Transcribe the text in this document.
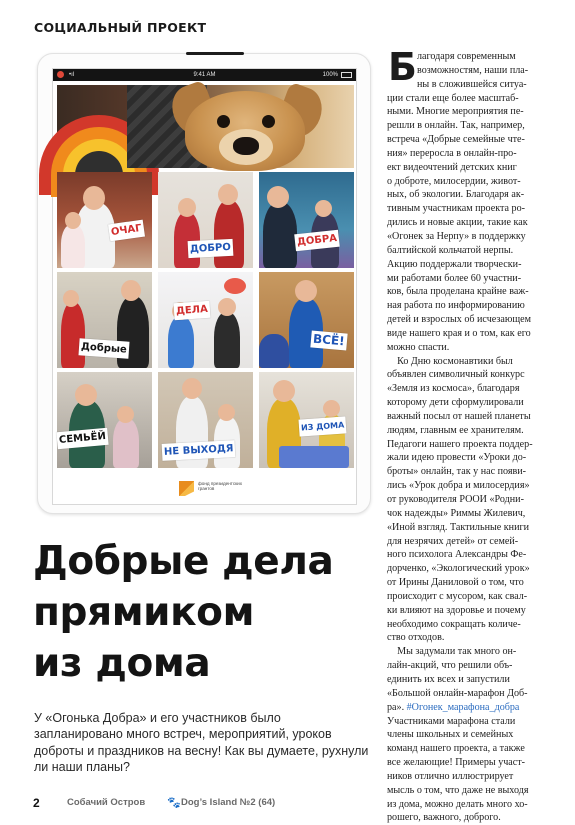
СОЦИАЛЬНЫЙ ПРОЕКТ
•ıl	9:41 AM	100%
ОЧАГ
ДОБРО
ДОБРА
Добрые
ДЕЛА
ВСЁ!
СЕМЬЁЙ
НЕ ВЫХОДЯ
ИЗ ДОМА
фонд президентских грантов
Добрые дела
прямиком
из дома

У «Огонька Добра» и его участников было запланировано много встреч, мероприятий, уроков доброты и праздников на весну! Как вы думаете, рухнули ли наши планы?

2	Собачий Остров 🐾 Dog’s Island №2 (64)
Б лагодаря современным
возможностям, наши пла-
ны в сложившейся ситуа-
ции стали еще более масштаб-
ными. Многие мероприятия пе-
решли в онлайн. Так, например,
встреча «Добрые семейные чте-
ния» переросла в онлайн-про-
ект видеочтений детских книг
о доброте, милосердии, живот-
ных, об экологии. Благодаря ак-
тивным участникам проекта ро-
дились и новые акции, такие как
«Огонек за Нерпу» в поддержку
балтийской кольчатой нерпы.
Акцию поддержали творчески-
ми работами более 60 участни-
ков, была проделана крайне важ-
ная работа по информированию
детей и взрослых об исчезающем
виде нашего края и о том, как его
можно спасти.
 Ко Дню космонавтики был
объявлен символичный конкурс
«Земля из космоса», благодаря
которому дети сформулировали
важный посыл от нашей планеты
людям, главным ее хранителям.
Педагоги нашего проекта поддер-
жали идею провести «Уроки до-
броты» онлайн, так у нас появи-
лись «Урок добра и милосердия»
от руководителя РООИ «Родни-
чок надежды» Риммы Жилевич,
«Иной взгляд. Тактильные книги
для незрячих детей» от семей-
ного психолога Александры Фе-
дорченко, «Экологический урок»
от Ирины Даниловой о том, что
происходит с мусором, как свал-
ки влияют на здоровье и почему
необходимо сокращать количе-
ство отходов.
 Мы задумали так много он-
лайн-акций, что решили объ-
единить их всех и запустили
«Большой онлайн-марафон Доб-
ра». #Огонек_марафона_добра
Участниками марафона стали
члены школьных и семейных
команд нашего проекта, а также
все желающие! Примеры участ-
ников отлично иллюстрирует
мысль о том, что даже не выходя
из дома, можно делать много хо-
рошего, важного, доброго.
